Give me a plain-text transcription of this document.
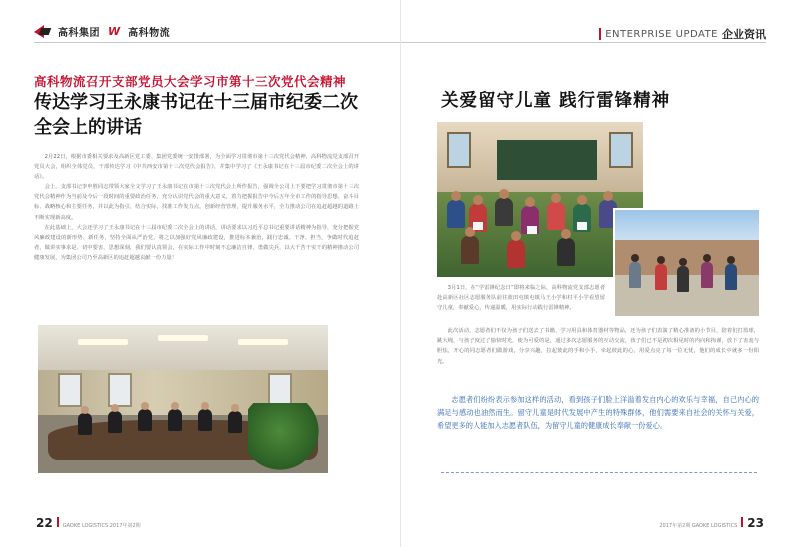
高科集团 W 高科物流
高科物流召开支部党员大会学习市第十三次党代会精神
传达学习王永康书记在十三届市纪委二次全会上的讲话

2月22日，根据市委相关要求及高新区党工委、集团党委统一安排部署，为全面学习贯彻市第十三次党代会精神，高科物流党支部召开党员大会，组织全体党员、干部传达学习《中共西安市第十三次党代会报告》，并集中学习了《王永康书记在十三届市纪委二次全会上的讲话》。

会上，支部书记李申胜同志带领大家全文学习了王永康书记在市第十三次党代会上所作报告，强调全公司上下要把学习贯彻市第十三次党代会精神作为当前及今后一段时间的重要政治任务，充分认识党代会的重大意义，着力把握报告中今后五年全市工作的指导思想、奋斗目标、战略核心和主要任务，并以此为指引，结合实际，找准工作发力点，创新经营管理，提升服务水平，全力推动公司在追赶超越的道路上不断实现新高度。

在此基础上，大会还学习了王永康书记在十三届市纪委二次全会上的讲话，讲话要求以习近平总书记重要讲话精神为指导，充分把握党风廉政建设的新形势、新任务，坚持全面从严治党，将之以加强好党风廉政建设，推进标本兼治，践行忠诚、干净、担当，争做时代追赶者，做讲实事求是、切中要害、思想深刻，我们要认真领会，在实际工作中时刻不忘廉洁自律，勇做尖兵，以大千苦干实干的精神推动公司健康发展，为集团公司乃至高新区的追赶超越贡献一份力量！

22 GAOKE LOGISTICS 2017年第2期
ENTERPRISE UPDATE 企业资讯
关爱留守儿童 践行雷锋精神

3月1日，在“学雷锋纪念日”即将来临之际，高科物流党支部志愿者赴高新区社区志愿服务队前往蓝田屯镇屯镇马王小学和村平小学看望留守儿童，奉献爱心，传递温暖，用实际行动践行雷锋精神。

此次活动，志愿者们不仅为孩子们送去了书籍、学习用具和体育器材等物品，还为孩子们表演了精心准备的小节目，陪着们打篮球，跳大绳，与孩子度过了愉快时光，使为可爱的是，通过多次志愿服务的互动交流，孩子们已不是初次相见时的内向和拘谨，放下了害羞与胆怯，开心的同志愿者们做游戏，分享兴趣，拉起彼此的手和小手，牵起彼此的心，用爱点亮了每一位无忧，他们的成长中就多一份阳光。

志愿者们纷纷表示参加这样的活动，看到孩子们脸上洋溢着发自内心的欢乐与幸福，自己内心的满足与感动也油然而生。留守儿童是时代发展中产生的特殊群体，他们需要来自社会的关怀与关爱，希望更多的人能加入志愿者队伍，为留守儿童的健康成长奉献一份爱心。

2017年第2期 GAOKE LOGISTICS 23
